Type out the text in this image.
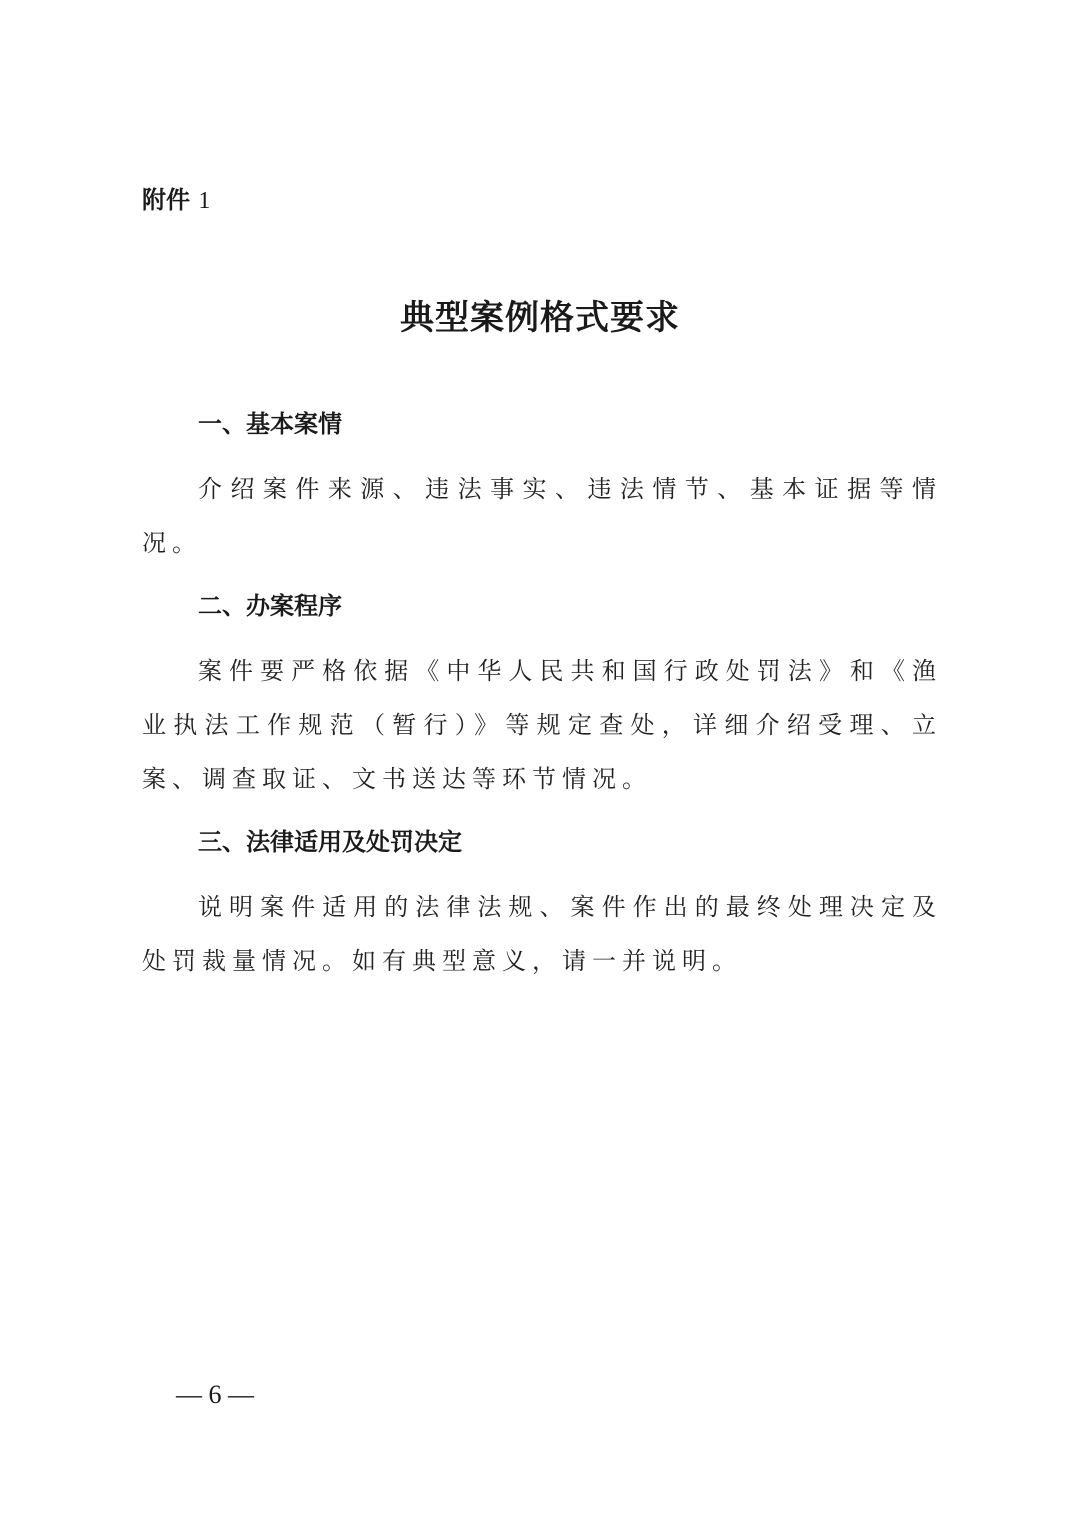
附件 1

典型案例格式要求
一、基本案情

介绍案件来源、违法事实、违法情节、基本证据等情况。

二、办案程序

案件要严格依据《中华人民共和国行政处罚法》和《渔业执法工作规范（暂行）》等规定查处，详细介绍受理、立案、调查取证、文书送达等环节情况。

三、法律适用及处罚决定

说明案件适用的法律法规、案件作出的最终处理决定及处罚裁量情况。如有典型意义，请一并说明。

— 6 —
